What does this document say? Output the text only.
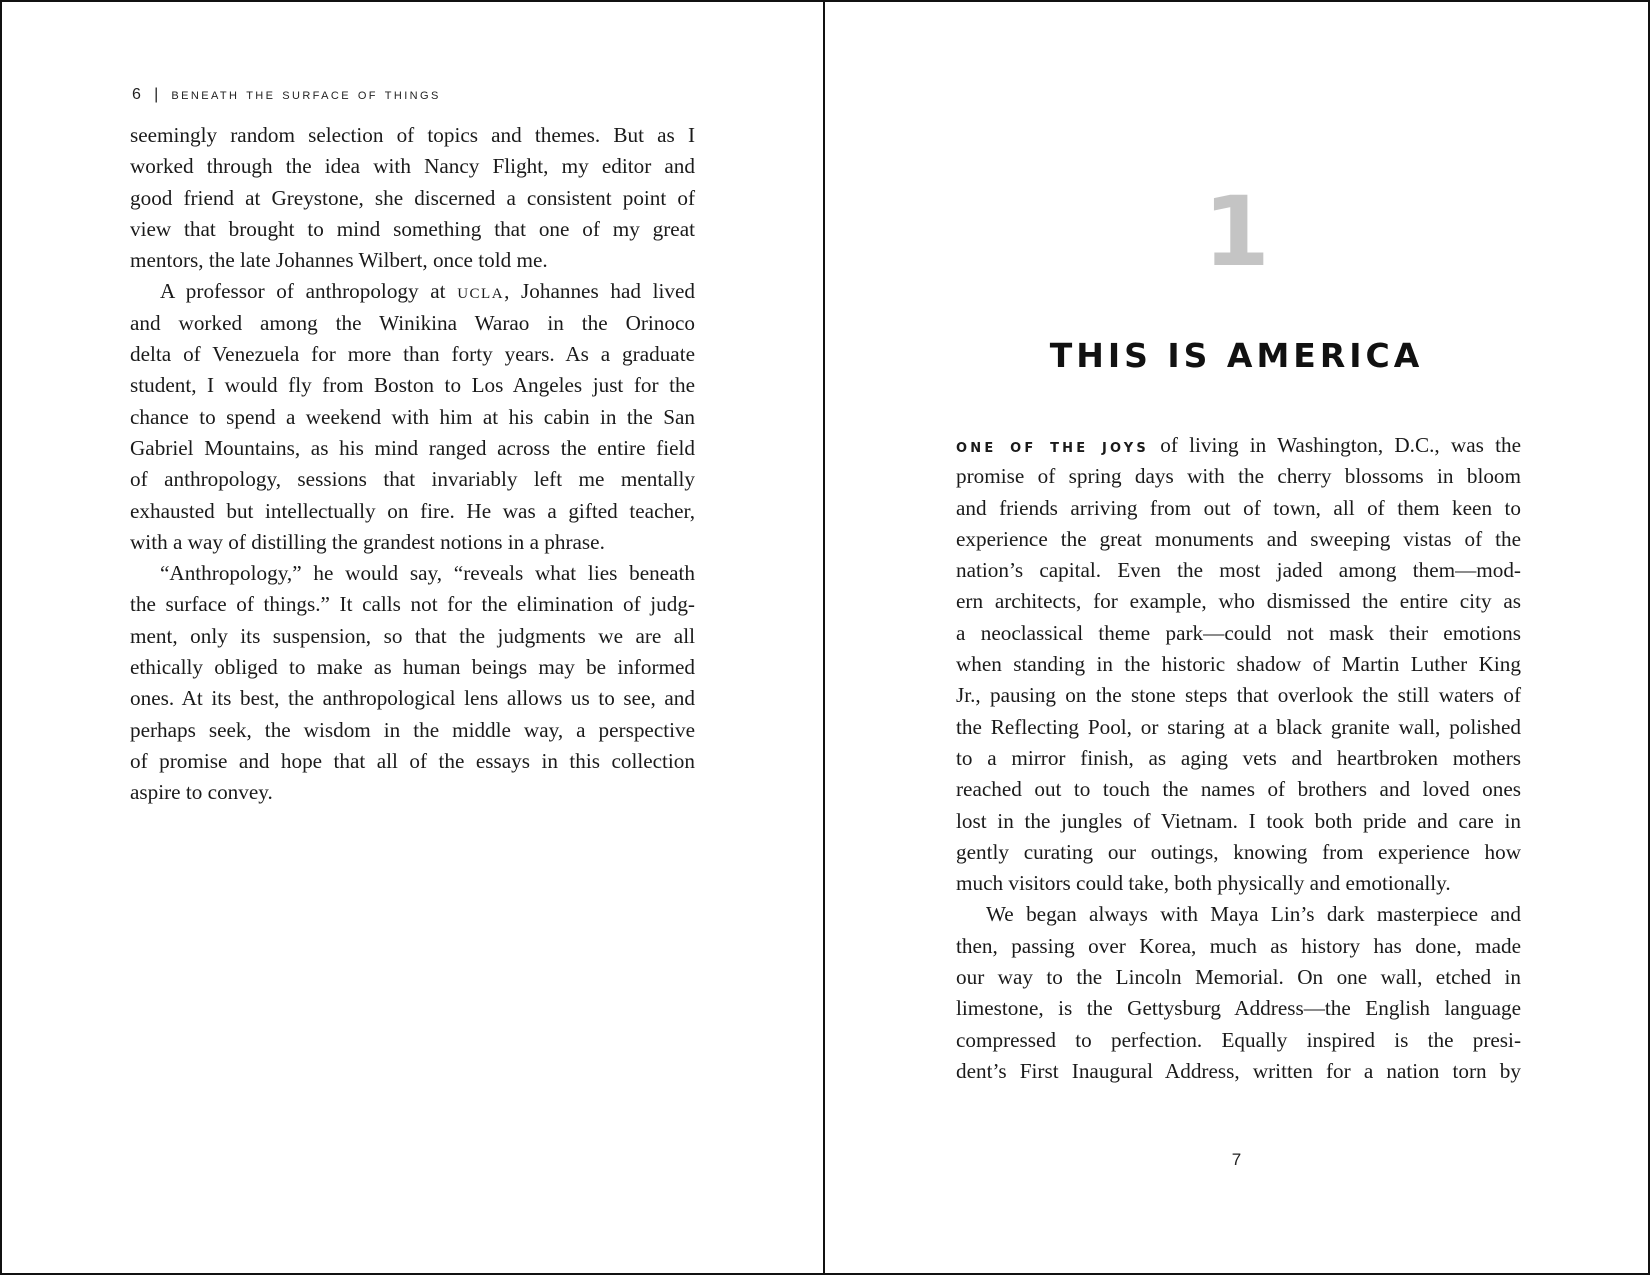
6 | beneath the surface of things

seemingly random selection of topics and themes. But as I
worked through the idea with Nancy Flight, my editor and
good friend at Greystone, she discerned a consistent point of
view that brought to mind something that one of my great
mentors, the late Johannes Wilbert, once told me.

A professor of anthropology at ucla, Johannes had lived
and worked among the Winikina Warao in the Orinoco
delta of Venezuela for more than forty years. As a graduate
student, I would fly from Boston to Los Angeles just for the
chance to spend a weekend with him at his cabin in the San
Gabriel Mountains, as his mind ranged across the entire field
of anthropology, sessions that invariably left me mentally
exhausted but intellectually on fire. He was a gifted teacher,
with a way of distilling the grandest notions in a phrase.

“Anthropology,” he would say, “reveals what lies beneath
the surface of things.” It calls not for the elimination of judg-
ment, only its suspension, so that the judgments we are all
ethically obliged to make as human beings may be informed
ones. At its best, the anthropological lens allows us to see, and
perhaps seek, the wisdom in the middle way, a perspective
of promise and hope that all of the essays in this collection
aspire to convey.

1
THIS IS AMERICA

ONE OF THE JOYS of living in Washington, D.C., was the
promise of spring days with the cherry blossoms in bloom
and friends arriving from out of town, all of them keen to
experience the great monuments and sweeping vistas of the
nation’s capital. Even the most jaded among them—mod-
ern architects, for example, who dismissed the entire city as
a neoclassical theme park—could not mask their emotions
when standing in the historic shadow of Martin Luther King
Jr., pausing on the stone steps that overlook the still waters of
the Reflecting Pool, or staring at a black granite wall, polished
to a mirror finish, as aging vets and heartbroken mothers
reached out to touch the names of brothers and loved ones
lost in the jungles of Vietnam. I took both pride and care in
gently curating our outings, knowing from experience how
much visitors could take, both physically and emotionally.

We began always with Maya Lin’s dark masterpiece and
then, passing over Korea, much as history has done, made
our way to the Lincoln Memorial. On one wall, etched in
limestone, is the Gettysburg Address—the English language
compressed to perfection. Equally inspired is the presi-
dent’s First Inaugural Address, written for a nation torn by

7
